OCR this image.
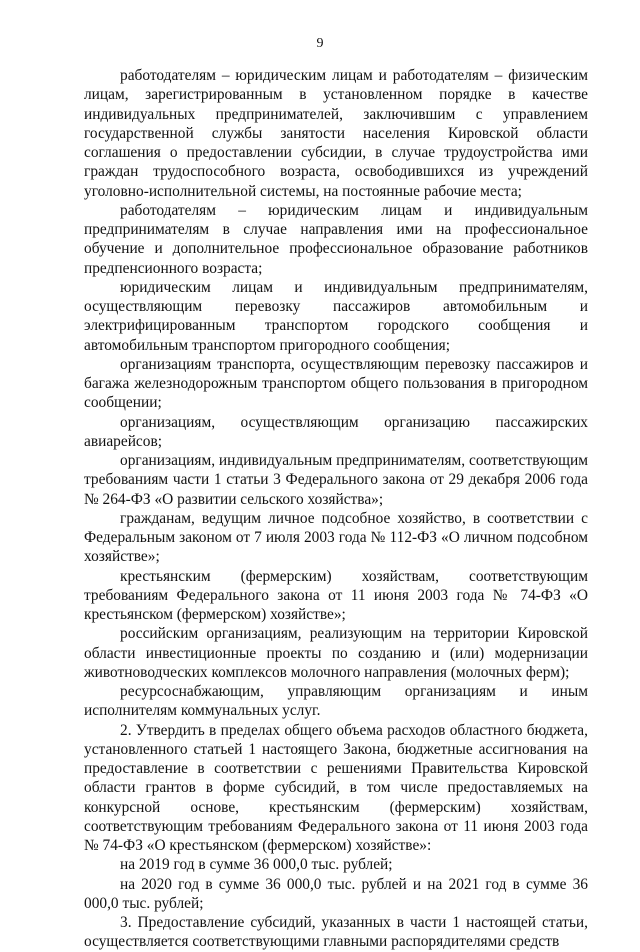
9

работодателям – юридическим лицам и работодателям – физическим лицам, зарегистрированным в установленном порядке в качестве индивидуальных предпринимателей, заключившим с управлением государственной службы занятости населения Кировской области соглашения о предоставлении субсидии, в случае трудоустройства ими граждан трудоспособного возраста, освободившихся из учреждений уголовно-исполнительной системы, на постоянные рабочие места;

работодателям – юридическим лицам и индивидуальным предпринимателям в случае направления ими на профессиональное обучение и дополнительное профессиональное образование работников предпенсионного возраста;

юридическим лицам и индивидуальным предпринимателям, осуществляющим перевозку пассажиров автомобильным и электрифицированным транспортом городского сообщения и автомобильным транспортом пригородного сообщения;

организациям транспорта, осуществляющим перевозку пассажиров и багажа железнодорожным транспортом общего пользования в пригородном сообщении;

организациям, осуществляющим организацию пассажирских авиарейсов;

организациям, индивидуальным предпринимателям, соответствующим требованиям части 1 статьи 3 Федерального закона от 29 декабря 2006 года № 264-ФЗ «О развитии сельского хозяйства»;

гражданам, ведущим личное подсобное хозяйство, в соответствии с Федеральным законом от 7 июля 2003 года № 112-ФЗ «О личном подсобном хозяйстве»;

крестьянским (фермерским) хозяйствам, соответствующим требованиям Федерального закона от 11 июня 2003 года № 74-ФЗ «О крестьянском (фермерском) хозяйстве»;

российским организациям, реализующим на территории Кировской области инвестиционные проекты по созданию и (или) модернизации животноводческих комплексов молочного направления (молочных ферм);

ресурсоснабжающим, управляющим организациям и иным исполнителям коммунальных услуг.

2. Утвердить в пределах общего объема расходов областного бюджета, установленного статьей 1 настоящего Закона, бюджетные ассигнования на предоставление в соответствии с решениями Правительства Кировской области грантов в форме субсидий, в том числе предоставляемых на конкурсной основе, крестьянским (фермерским) хозяйствам, соответствующим требованиям Федерального закона от 11 июня 2003 года № 74-ФЗ «О крестьянском (фермерском) хозяйстве»:

на 2019 год в сумме 36 000,0 тыс. рублей;

на 2020 год в сумме 36 000,0 тыс. рублей и на 2021 год в сумме 36 000,0 тыс. рублей;

3. Предоставление субсидий, указанных в части 1 настоящей статьи, осуществляется соответствующими главными распорядителями средств
